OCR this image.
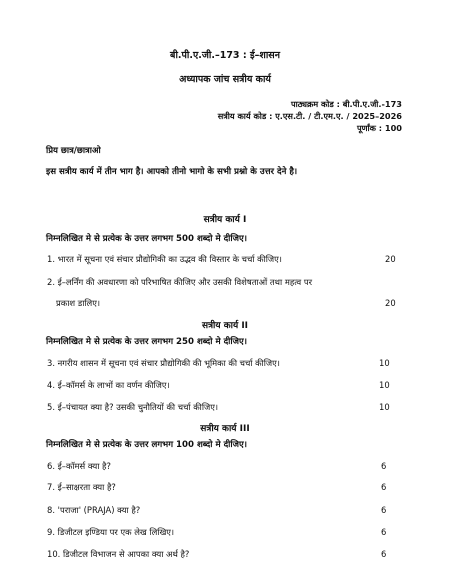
बी.पी.ए.जी.–173 : ई–शासन
अध्यापक जांच सत्रीय कार्य
पाठ्यक्रम कोड : बी.पी.ए.जी.-173
सत्रीय कार्य कोड : ए.एस.टी. / टी.एम.ए. / 2025–2026
पूर्णांक : 100
प्रिय छात्र/छात्राओ
इस सत्रीय कार्य में तीन भाग है। आपको तीनो भागो के सभी प्रश्नो के उत्तर देने है।
सत्रीय कार्य I
निम्नलिखित मे से प्रत्येक के उत्तर लगभग 500 शब्दो मे दीजिए।
1. भारत में सूचना एवं संचार प्रौद्योगिकी का उद्भव की विस्तार के चर्चा कीजिए।	20
2. ई–लर्निंग की अवधारणा को परिभाषित कीजिए और उसकी विशेषताओं तथा महत्व पर
प्रकाश डालिए।	20
सत्रीय कार्य II
निम्नलिखित मे से प्रत्येक के उत्तर लगभग 250 शब्दो मे दीजिए।
3. नगरीय शासन में सूचना एवं संचार प्रौद्योगिकी की भूमिका की चर्चा कीजिए।	10
4. ई–कॉमर्स के लाभों का वर्णन कीजिए।	10
5. ई–पंचायत क्या है? उसकी चुनौतियों की चर्चा कीजिए।	10
सत्रीय कार्य III
निम्नलिखित मे से प्रत्येक के उत्तर लगभग 100 शब्दो मे दीजिए।
6. ई–कॉमर्स क्या है?	6
7. ई–साक्षरता क्या है?	6
8. 'पराजा' (PRAJA) क्या है?	6
9. डिजीटल इण्डिया पर एक लेख लिखिए।	6
10. डिजीटल विभाजन से आपका क्या अर्थ है?	6
